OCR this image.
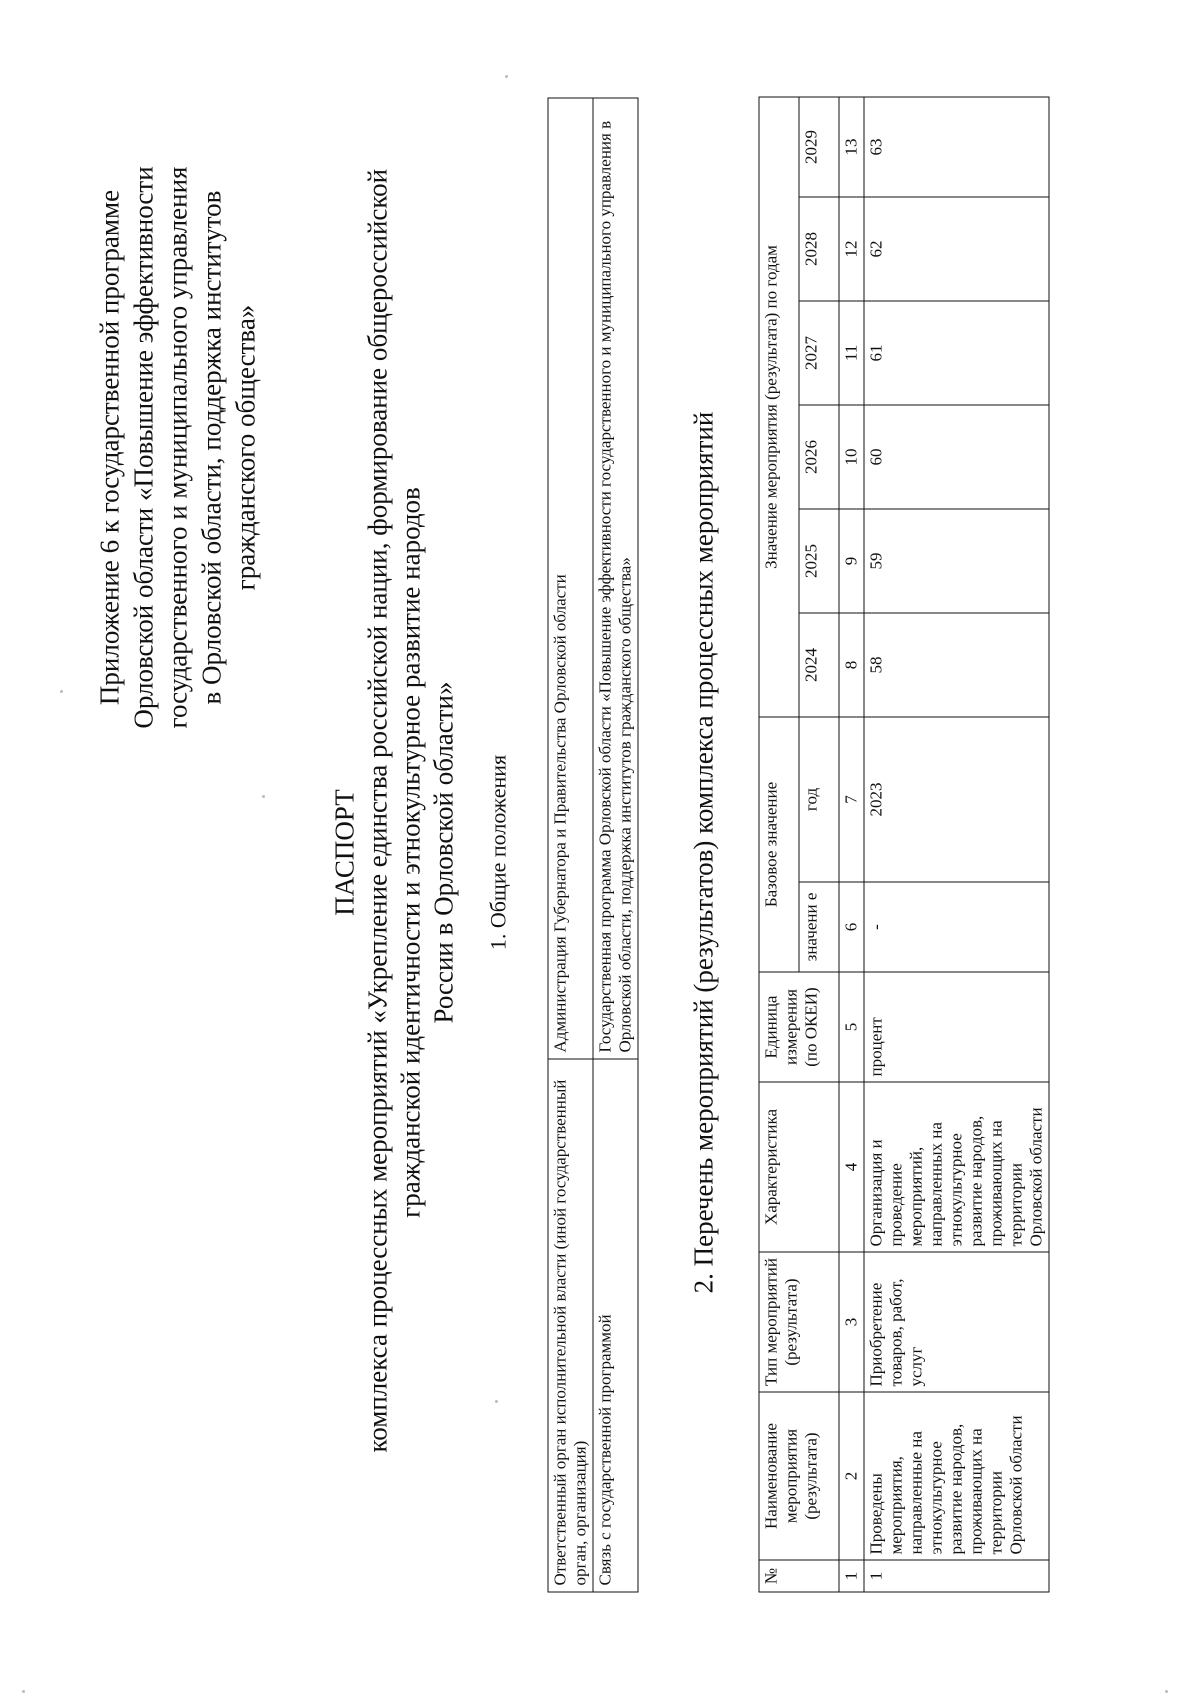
Приложение 6 к государственной программе Орловской области «Повышение эффективности государственного и муниципального управления в Орловской области, поддержка институтов гражданского общества»
ПАСПОРТ комплекса процессных мероприятий «Укрепление единства российской нации, формирование общероссийской гражданской идентичности и этнокультурное развитие народов России в Орловской области» 1. Общие положения
Ответственный орган исполнительной власти (иной государственный орган, организация)	Администрация Губернатора и Правительства Орловской области
Связь с государственной программой	Государственная программа Орловской области «Повышение эффективности государственного и муниципального управления в Орловской области, поддержка институтов гражданского общества» 2. Перечень мероприятий (результатов) комплекса процессных мероприятий
№	Наименование мероприятия (результата)	Тип мероприятий (результата)	Характеристика	Единица измерения (по ОКЕИ)	Базовое значение		Значение мероприятия (результата) по годам					
					значени е	год	2024	2025	2026	2027	2028	2029
1	2	3	4	5	6	7	8	9	10	11	12	13
1	Проведены мероприятия, направленные на этнокультурное развитие народов, проживающих на территории Орловской области	Приобретение товаров, работ, услуг	Организация и проведение мероприятий, направленных на этнокультурное развитие народов, проживающих на территории Орловской области	процент	-	2023	58	59	60	61	62	63
